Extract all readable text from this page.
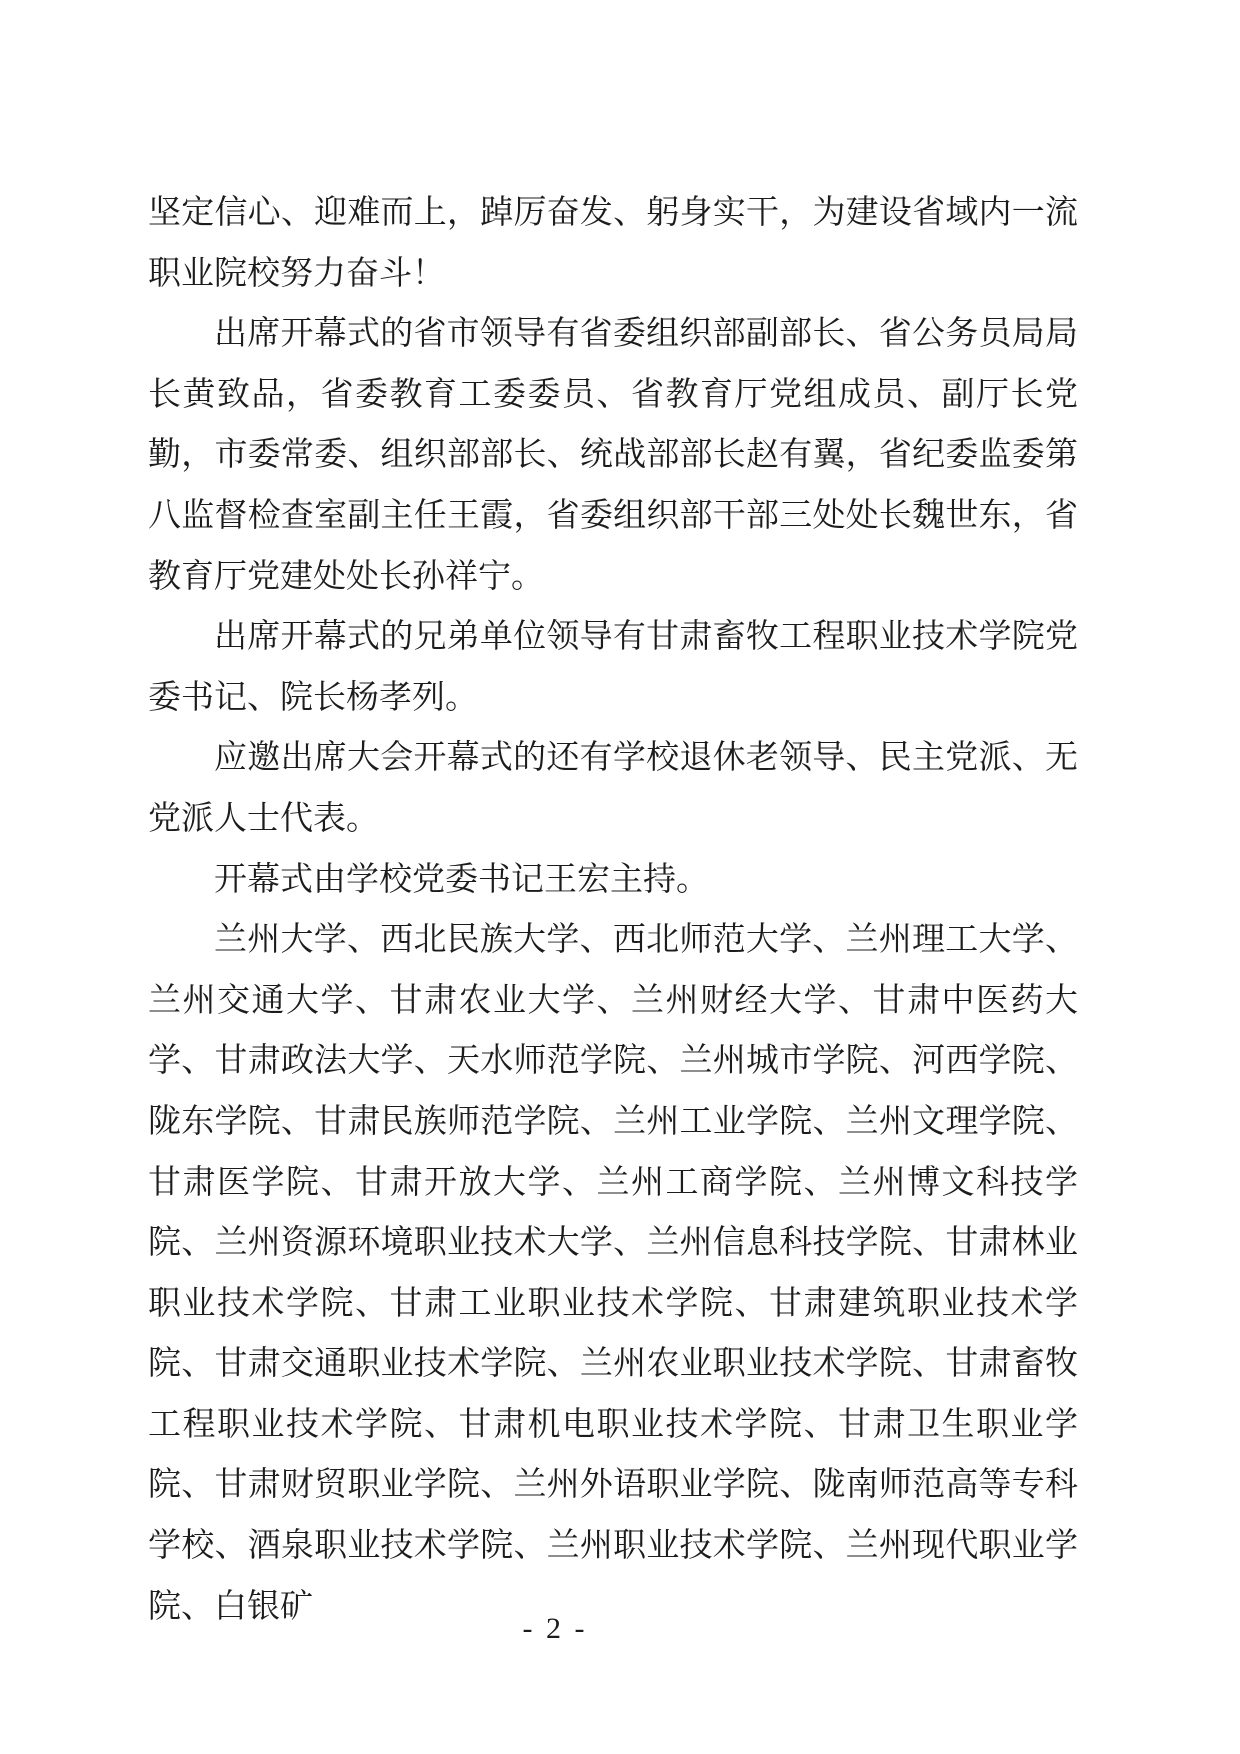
坚定信心、迎难而上，踔厉奋发、躬身实干，为建设省域内一流职业院校努力奋斗！

出席开幕式的省市领导有省委组织部副部长、省公务员局局长黄致品，省委教育工委委员、省教育厅党组成员、副厅长党勤，市委常委、组织部部长、统战部部长赵有翼，省纪委监委第八监督检查室副主任王霞，省委组织部干部三处处长魏世东，省教育厅党建处处长孙祥宁。

出席开幕式的兄弟单位领导有甘肃畜牧工程职业技术学院党委书记、院长杨孝列。

应邀出席大会开幕式的还有学校退休老领导、民主党派、无党派人士代表。

开幕式由学校党委书记王宏主持。

兰州大学、西北民族大学、西北师范大学、兰州理工大学、兰州交通大学、甘肃农业大学、兰州财经大学、甘肃中医药大学、甘肃政法大学、天水师范学院、兰州城市学院、河西学院、陇东学院、甘肃民族师范学院、兰州工业学院、兰州文理学院、甘肃医学院、甘肃开放大学、兰州工商学院、兰州博文科技学院、兰州资源环境职业技术大学、兰州信息科技学院、甘肃林业职业技术学院、甘肃工业职业技术学院、甘肃建筑职业技术学院、甘肃交通职业技术学院、兰州农业职业技术学院、甘肃畜牧工程职业技术学院、甘肃机电职业技术学院、甘肃卫生职业学院、甘肃财贸职业学院、兰州外语职业学院、陇南师范高等专科学校、酒泉职业技术学院、兰州职业技术学院、兰州现代职业学院、白银矿

- 2 -
